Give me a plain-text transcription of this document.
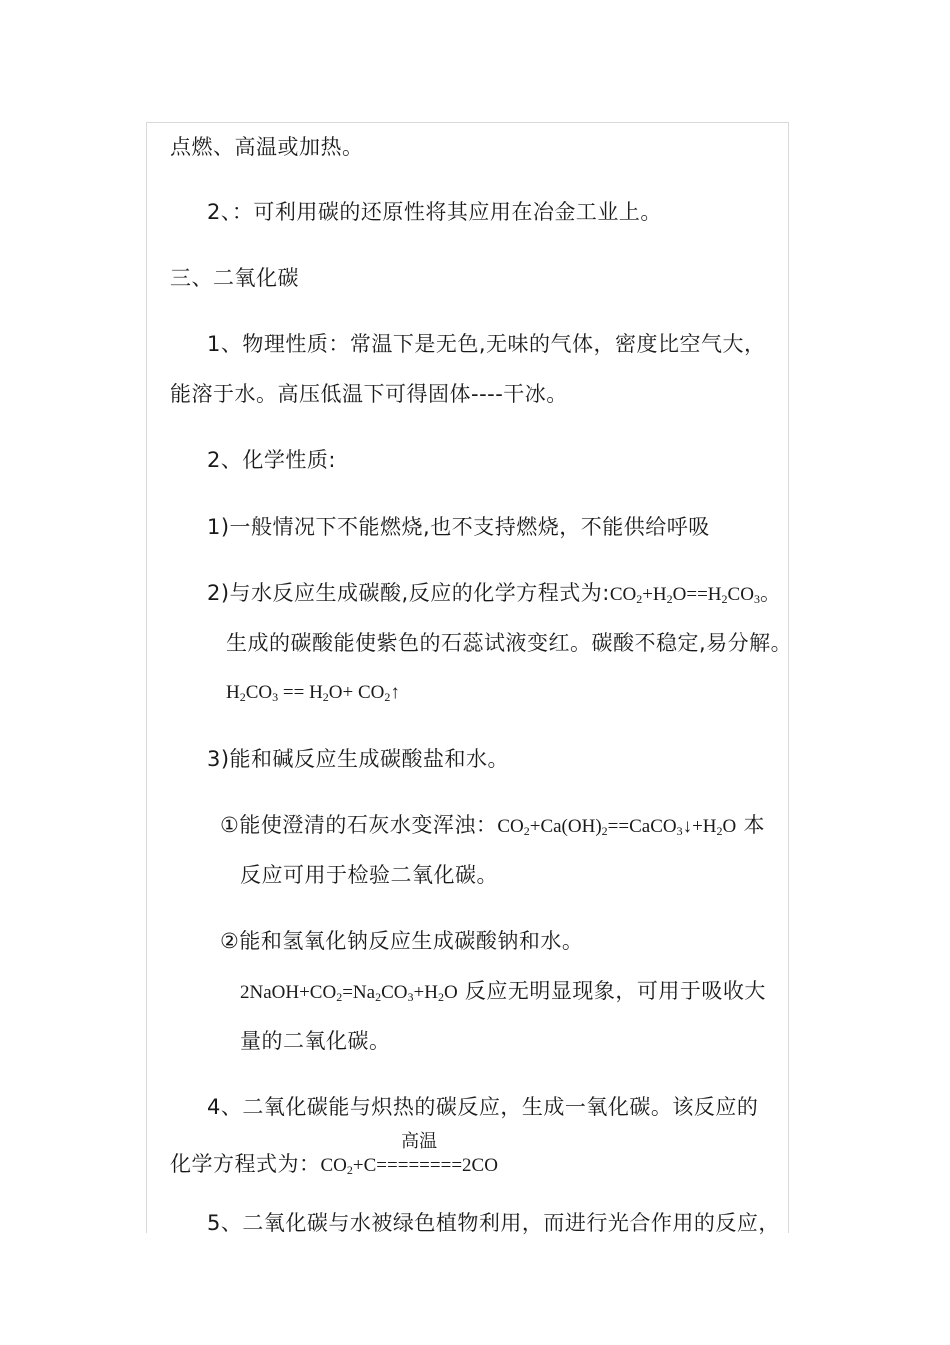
点燃、高温或加热。
2、：可利用碳的还原性将其应用在冶金工业上。
三、二氧化碳
1、物理性质：常温下是无色,无味的气体，密度比空气大，
能溶于水。高压低温下可得固体----干冰。
2、化学性质:
1)一般情况下不能燃烧,也不支持燃烧，不能供给呼吸
2)与水反应生成碳酸,反应的化学方程式为$:CO_2+H_2O==H_2CO_3$。
生成的碳酸能使紫色的石蕊试液变红。碳酸不稳定,易分解。
$H_2CO_3 == H_2O+$ $CO_2↑$
3)能和碱反应生成碳酸盐和水。
①能使澄清的石灰水变浑浊：$CO_2+Ca(OH)_2==CaCO_3↓+H_2O$ 本
反应可用于检验二氧化碳。
②能和氢氧化钠反应生成碳酸钠和水。
$2NaOH+CO_2=Na_2CO_3+H_2O$ 反应无明显现象，可用于吸收大
量的二氧化碳。
4、二氧化碳能与炽热的碳反应，生成一氧化碳。该反应的
化学方程式为：$CO_2+C=$
高温
=======2CO
5、二氧化碳与水被绿色植物利用，而进行光合作用的反应，
